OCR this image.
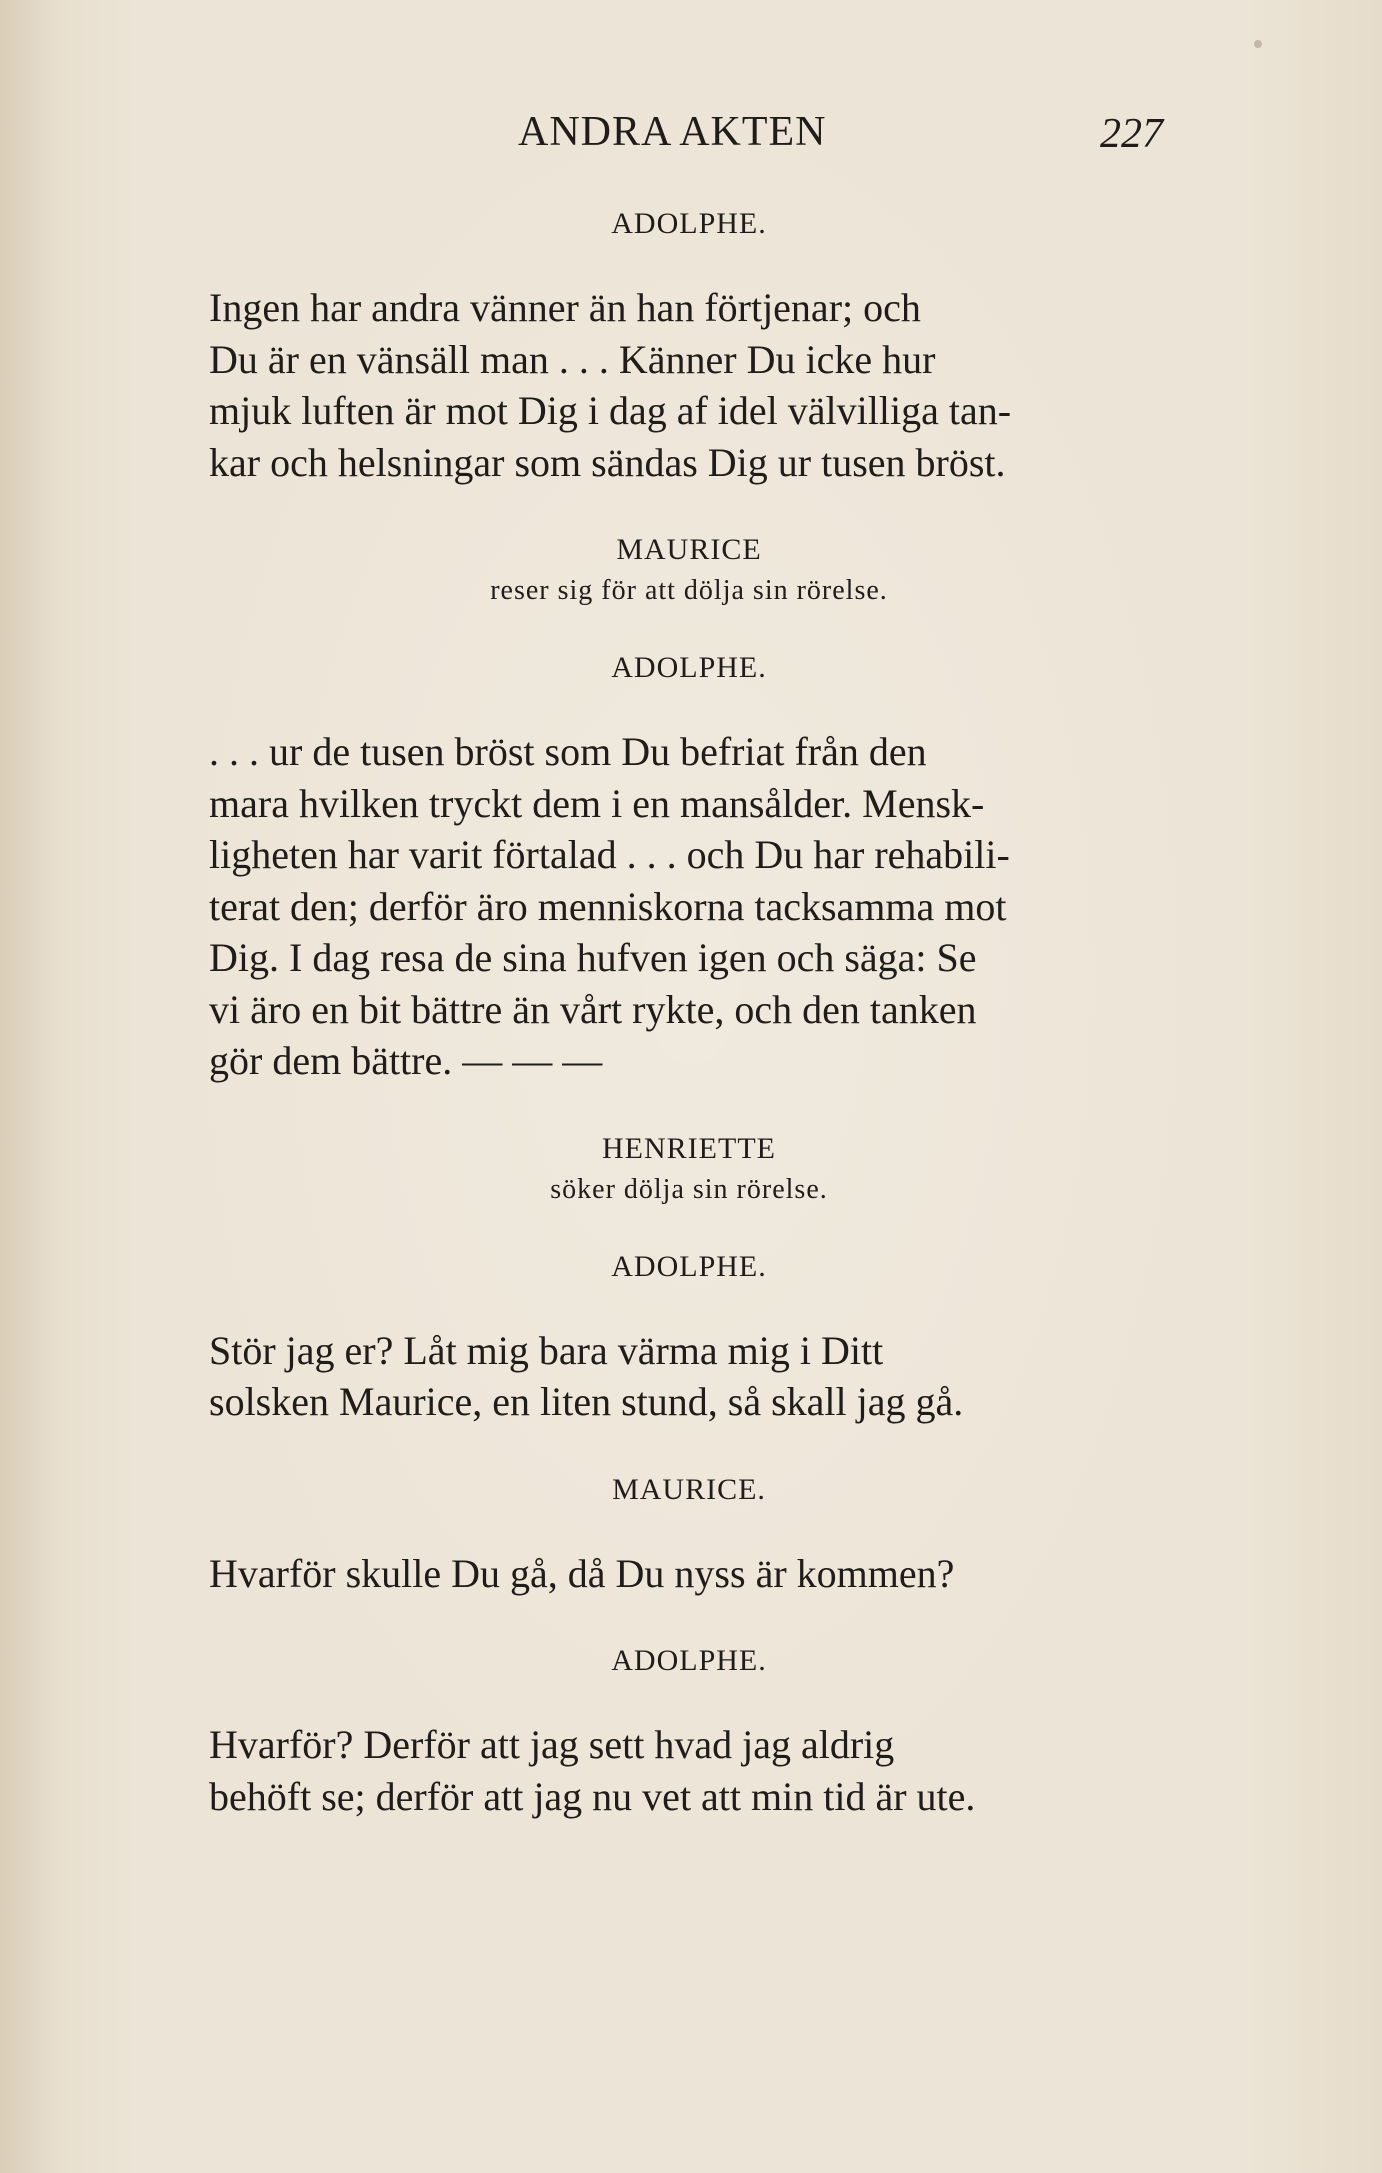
ANDRA AKTEN	227

ADOLPHE.

Ingen har andra vänner än han förtjenar; och
Du är en vänsäll man . . . Känner Du icke hur
mjuk luften är mot Dig i dag af idel välvilliga tan-
kar och helsningar som sändas Dig ur tusen bröst.

MAURICE

reser sig för att dölja sin rörelse.

ADOLPHE.

. . . ur de tusen bröst som Du befriat från den
mara hvilken tryckt dem i en mansålder. Mensk-
ligheten har varit förtalad . . . och Du har rehabili-
terat den; derför äro menniskorna tacksamma mot
Dig. I dag resa de sina hufven igen och säga: Se
vi äro en bit bättre än vårt rykte, och den tanken
gör dem bättre. — — —

HENRIETTE

söker dölja sin rörelse.

ADOLPHE.

Stör jag er? Låt mig bara värma mig i Ditt
solsken Maurice, en liten stund, så skall jag gå.

MAURICE.

Hvarför skulle Du gå, då Du nyss är kommen?

ADOLPHE.

Hvarför? Derför att jag sett hvad jag aldrig
behöft se; derför att jag nu vet att min tid är ute.
